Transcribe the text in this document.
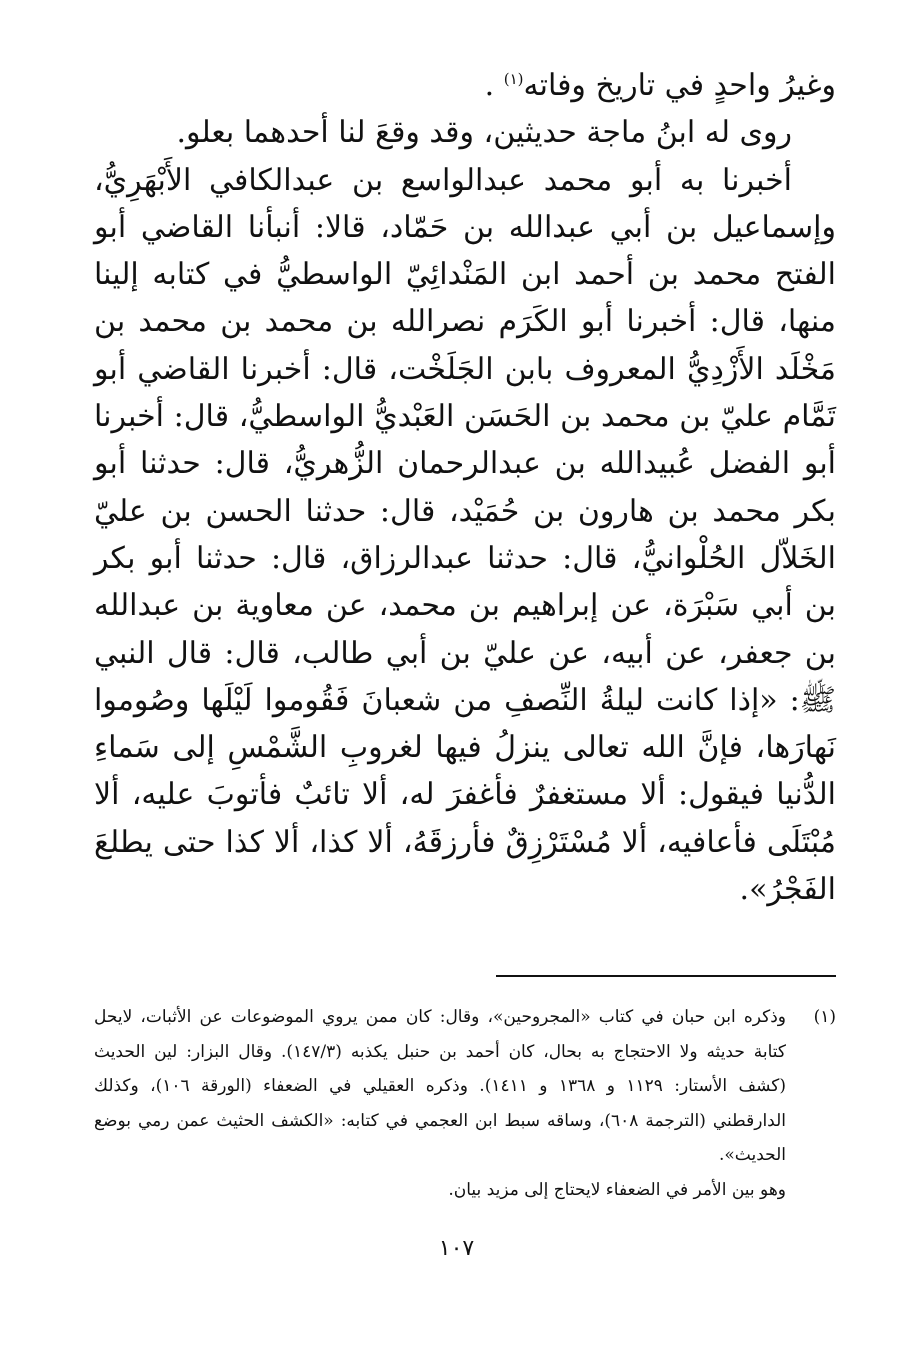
وغيرُ واحدٍ في تاريخ وفاته$^{(١)}$ .

روى له ابنُ ماجة حديثين، وقد وقعَ لنا أحدهما بعلو.

أخبرنا به أبو محمد عبدالواسع بن عبدالكافي الأَبْهَرِيُّ، وإسماعيل بن أبي عبدالله بن حَمّاد، قالا: أنبأنا القاضي أبو الفتح محمد بن أحمد ابن المَنْدائِيّ الواسطيُّ في كتابه إلينا منها، قال: أخبرنا أبو الكَرَم نصرالله بن محمد بن محمد بن مَخْلَد الأَزْدِيُّ المعروف بابن الجَلَخْت، قال: أخبرنا القاضي أبو تَمَّام عليّ بن محمد بن الحَسَن العَبْديُّ الواسطيُّ، قال: أخبرنا أبو الفضل عُبيدالله بن عبدالرحمان الزُّهريُّ، قال: حدثنا أبو بكر محمد بن هارون بن حُمَيْد، قال: حدثنا الحسن بن عليّ الخَلاّل الحُلْوانيُّ، قال: حدثنا عبدالرزاق، قال: حدثنا أبو بكر بن أبي سَبْرَة، عن إبراهيم بن محمد، عن معاوية بن عبدالله بن جعفر، عن أبيه، عن عليّ بن أبي طالب، قال: قال النبي ﷺ: «إذا كانت ليلةُ النِّصفِ من شعبانَ فَقُوموا لَيْلَها وصُوموا نَهارَها، فإنَّ الله تعالى ينزلُ فيها لغروبِ الشَّمْسِ إلى سَماءِ الدُّنيا فيقول: ألا مستغفرٌ فأغفرَ له، ألا تائبٌ فأتوبَ عليه، ألا مُبْتَلَى فأعافيه، ألا مُسْتَرْزِقٌ فأرزقَهُ، ألا كذا، ألا كذا حتى يطلعَ الفَجْرُ».

(١)

وذكره ابن حبان في كتاب «المجروحين»، وقال: كان ممن يروي الموضوعات عن الأثبات، لايحل كتابة حديثه ولا الاحتجاج به بحال، كان أحمد بن حنبل يكذبه (١٤٧/٣). وقال البزار: لين الحديث (كشف الأستار: ١١٢٩ و ١٣٦٨ و ١٤١١). وذكره العقيلي في الضعفاء (الورقة ١٠٦)، وكذلك الدارقطني (الترجمة ٦٠٨)، وساقه سبط ابن العجمي في كتابه: «الكشف الحثيث عمن رمي بوضع الحديث».

وهو بين الأمر في الضعفاء لايحتاج إلى مزيد بيان.

١٠٧
